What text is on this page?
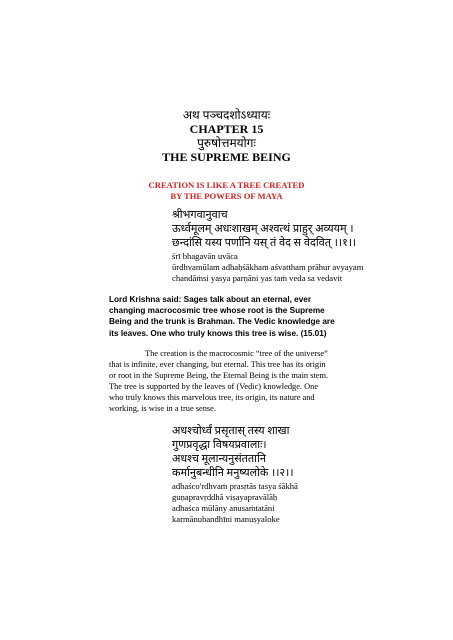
अथ पञ्चदशोऽध्यायः
CHAPTER 15
पुरुषोत्तमयोगः
THE SUPREME BEING
CREATION IS LIKE A TREE CREATED
BY THE POWERS OF MAYA
श्रीभगवानुवाच
ऊर्ध्वमूलम् अधःशाखम् अश्वत्थं प्राहुर् अव्ययम् ।
छन्दांसि यस्य पर्णानि यस् तं वेद स वेदवित् ।।१।।
śrī bhagavān uvāca
ūrdhvamūlam adhaḥśākham aśvattham prāhur avyayam
chandāṁsi yasya parṇāni yas taṁ veda sa vedavit
Lord Krishna said: Sages talk about an eternal, ever
changing macrocosmic tree whose root is the Supreme
Being and the trunk is Brahman. The Vedic knowledge are
its leaves. One who truly knows this tree is wise. (15.01)
The creation is the macrocosmic “tree of the universe”
that is infinite, ever changing, but eternal. This tree has its origin
or root in the Supreme Being, the Eternal Being is the main stem.
The tree is supported by the leaves of (Vedic) knowledge. One
who truly knows this marvelous tree, its origin, its nature and
working, is wise in a true sense.
अधश्चोर्ध्वं प्रसृतास् तस्य शाखा
गुणप्रवृद्धा विषयप्रवालाः।
अधश्च मूलान्यनुसंततानि
कर्मानुबन्धीनि मनुष्यलोके ।।२।।
adhaśco'rdhvaṁ prasṛtās tasya śākhā
guṇapravṛddhā viṣayapravālāḥ
adhaśca mūlāny anusaṁtatāni
karmānubandhīni manuṣyaloke
